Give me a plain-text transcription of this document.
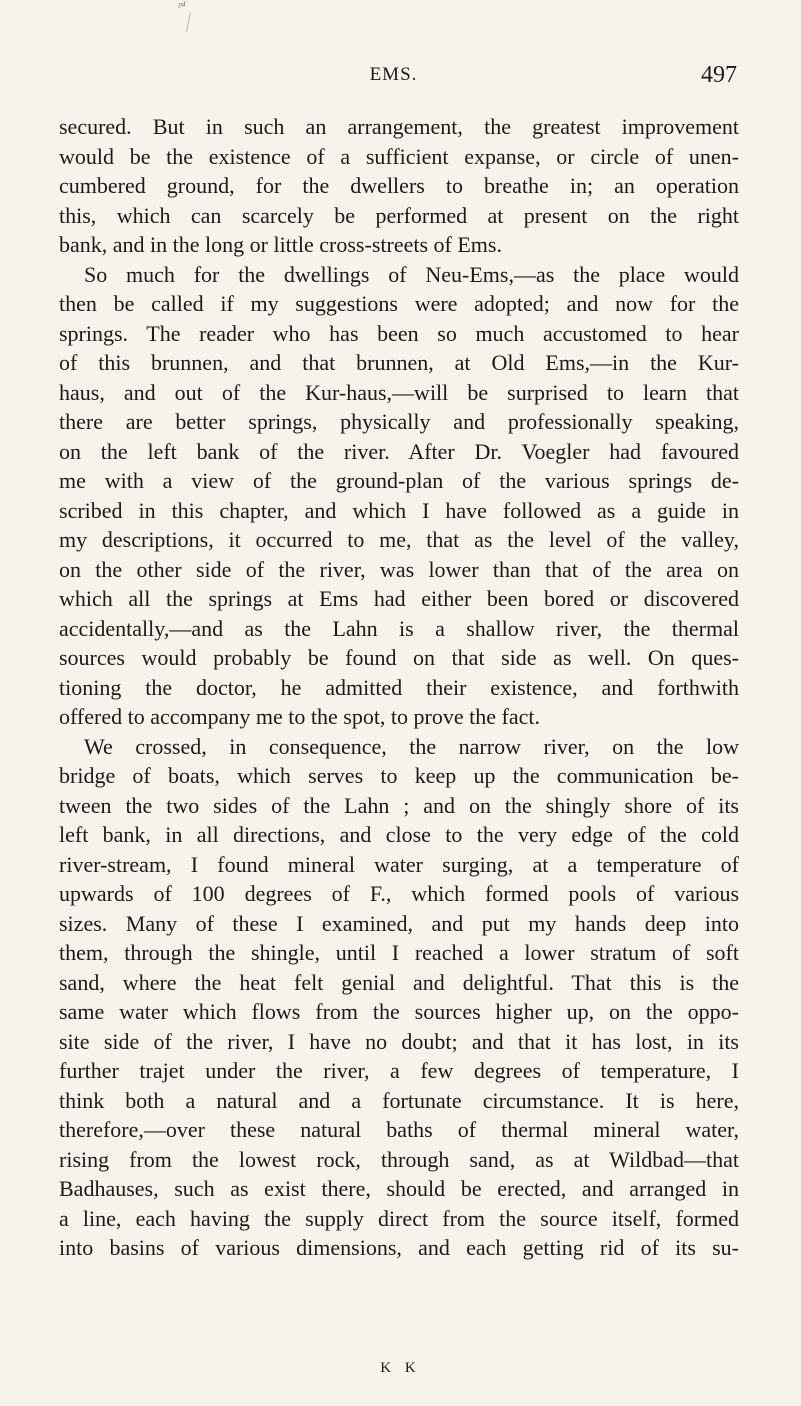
ᵖ⁴
EMS.	497
secured. But in such an arrangement, the greatest improvement
would be the existence of a sufficient expanse, or circle of unen-
cumbered ground, for the dwellers to breathe in; an operation
this, which can scarcely be performed at present on the right
bank, and in the long or little cross-streets of Ems.
So much for the dwellings of Neu-Ems,—as the place would
then be called if my suggestions were adopted; and now for the
springs. The reader who has been so much accustomed to hear
of this brunnen, and that brunnen, at Old Ems,—in the Kur-
haus, and out of the Kur-haus,—will be surprised to learn that
there are better springs, physically and professionally speaking,
on the left bank of the river. After Dr. Voegler had favoured
me with a view of the ground-plan of the various springs de-
scribed in this chapter, and which I have followed as a guide in
my descriptions, it occurred to me, that as the level of the valley,
on the other side of the river, was lower than that of the area on
which all the springs at Ems had either been bored or discovered
accidentally,—and as the Lahn is a shallow river, the thermal
sources would probably be found on that side as well. On ques-
tioning the doctor, he admitted their existence, and forthwith
offered to accompany me to the spot, to prove the fact.
We crossed, in consequence, the narrow river, on the low
bridge of boats, which serves to keep up the communication be-
tween the two sides of the Lahn ; and on the shingly shore of its
left bank, in all directions, and close to the very edge of the cold
river-stream, I found mineral water surging, at a temperature of
upwards of 100 degrees of F., which formed pools of various
sizes. Many of these I examined, and put my hands deep into
them, through the shingle, until I reached a lower stratum of soft
sand, where the heat felt genial and delightful. That this is the
same water which flows from the sources higher up, on the oppo-
site side of the river, I have no doubt; and that it has lost, in its
further trajet under the river, a few degrees of temperature, I
think both a natural and a fortunate circumstance. It is here,
therefore,—over these natural baths of thermal mineral water,
rising from the lowest rock, through sand, as at Wildbad—that
Badhauses, such as exist there, should be erected, and arranged in
a line, each having the supply direct from the source itself, formed
into basins of various dimensions, and each getting rid of its su-
K K
